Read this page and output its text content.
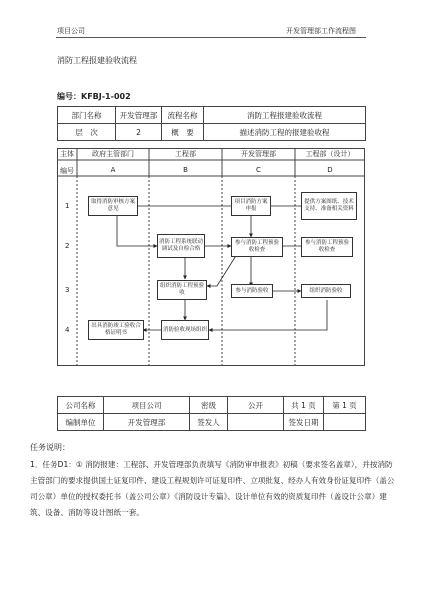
项目公司	开发管理部工作流程图
消防工程报建验收流程
编号：KFBJ-1-002
部门名称	开发管理部	流程名称	消防工程报建验收流程
层　次	2	概　要	描述消防工程的报建验收程
主体	政府主管部门	工程部	开发管理部	工程部（设计）
编号	A	B	C	D
1
2
3
4
取得消防审核方案意见
项目消防方案申报
提供方案图纸、技术支持、准备相关资料
消防工程系统联动调试及自检合格
参与消防工程预验收检查
参与消防工程预验收检查
组织消防工程预验收	参与消防验收	组织消防验收
出具消防竣工验收合格证明书
消防验收现场组织
公司名称	项目公司	密级	公开	共 1 页	第 1 页
编制单位	开发管理部	签发人		签发日期	
任务说明：
1．任务D1：① 消防报建：工程部、开发管理部负责填写《消防审申报表》初稿（要求签名盖章），并按消防主管部门的要求提供国土证复印件、建设工程规划许可证复印件、立项批复、经办人有效身份证复印件（盖公司公章）单位的授权委托书（盖公司公章）《消防设计专篇》、设计单位有效的资质复印件（盖设计公章）建筑、设备、消防等设计图纸一套。
